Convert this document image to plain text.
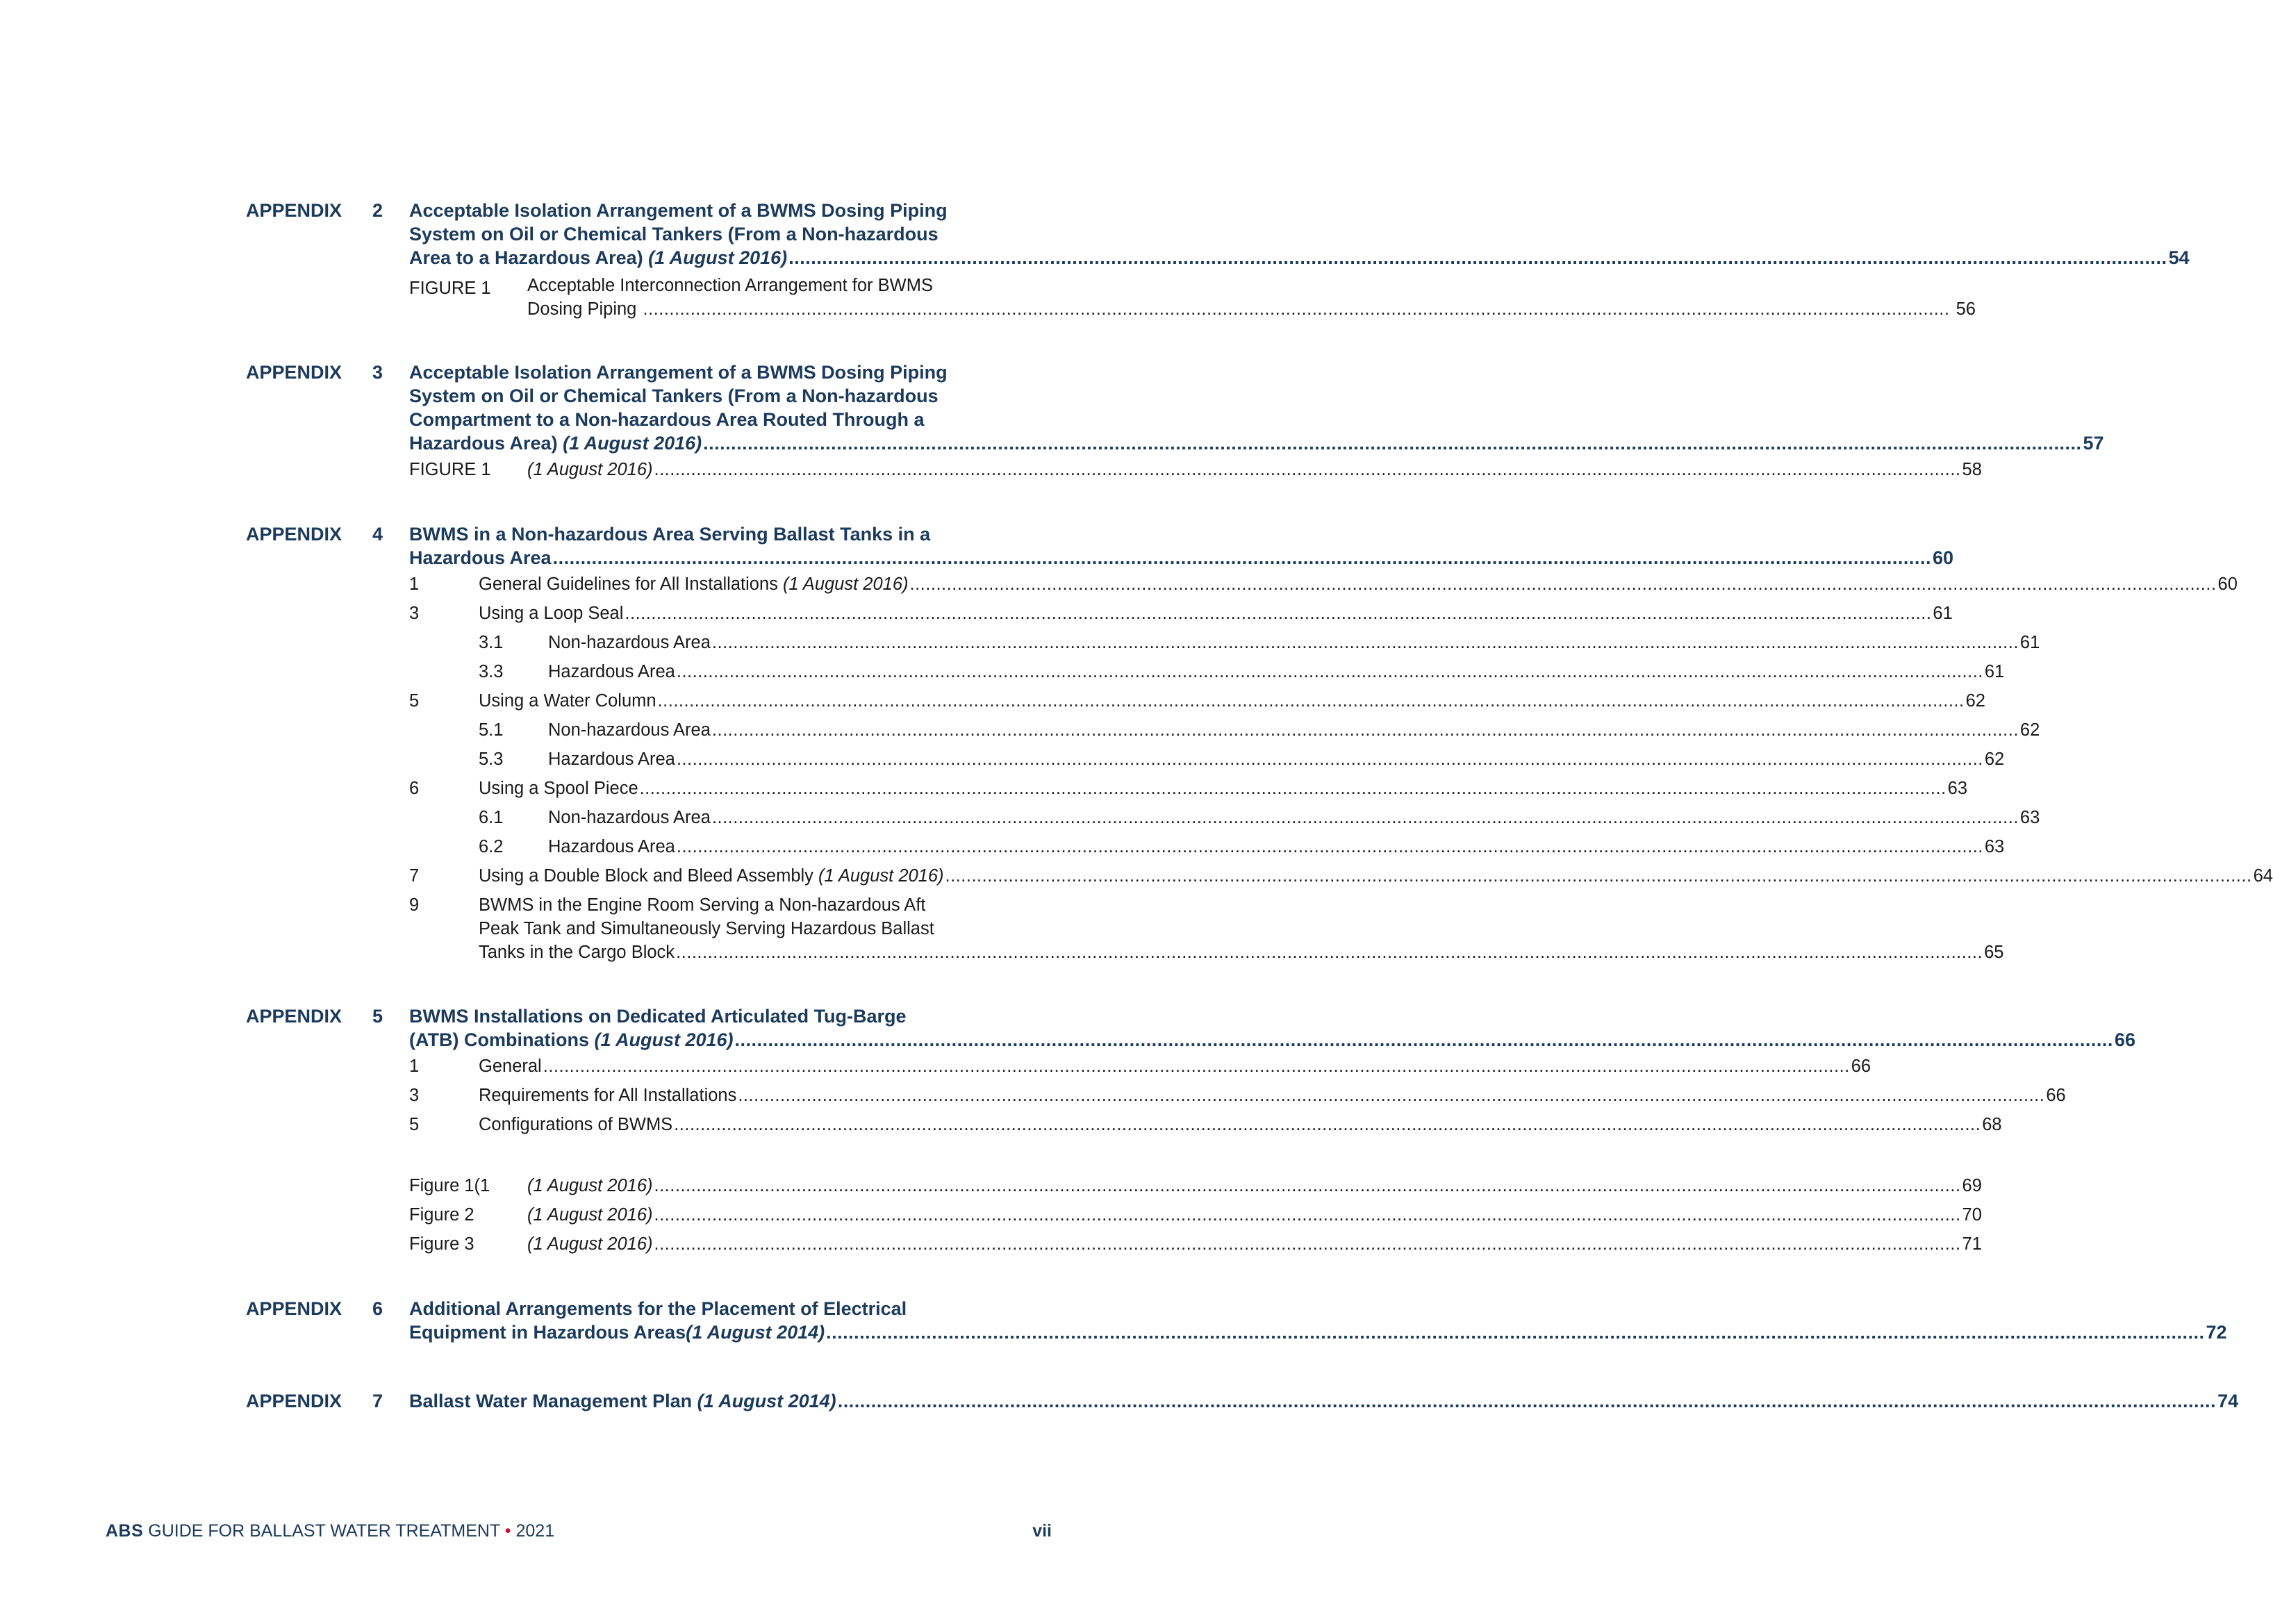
APPENDIX 2 Acceptable Isolation Arrangement of a BWMS Dosing Piping
System on Oil or Chemical Tankers (From a Non-hazardous
Area to a Hazardous Area)
(1 August 2016) .....	54
FIGURE 1 Acceptable Interconnection Arrangement for BWMS
Dosing Piping .....	56
APPENDIX 3 Acceptable Isolation Arrangement of a BWMS Dosing Piping
System on Oil or Chemical Tankers (From a Non-hazardous
Compartment to a Non-hazardous Area Routed Through a
Hazardous Area)
(1 August 2016) .....	57
FIGURE 1 (1 August 2016) .....	58
APPENDIX 4 BWMS in a Non-hazardous Area Serving Ballast Tanks in a
Hazardous Area .....	60
1	General Guidelines for All Installations
(1 August 2016) .....	60
3	Using a Loop Seal .....	61
3.1	Non-hazardous Area .....	61
3.3	Hazardous Area .....	61
5	Using a Water Column .....	62
5.1	Non-hazardous Area .....	62
5.3	Hazardous Area .....	62
6	Using a Spool Piece .....	63
6.1	Non-hazardous Area .....	63
6.2	Hazardous Area .....	63
7	Using a Double Block and Bleed Assembly
(1 August 2016) .....	64
9	BWMS in the Engine Room Serving a Non-hazardous Aft
Peak Tank and Simultaneously Serving Hazardous Ballast
Tanks in the Cargo Block .....	65
APPENDIX 5 BWMS Installations on Dedicated Articulated Tug-Barge
(ATB) Combinations
(1 August 2016) .....	66
1	General .....	66
3	Requirements for All Installations .....	66
5	Configurations of BWMS .....	68
Figure 1(1 (1 August 2016) .....	69
Figure 2	(1 August 2016) .....	70
Figure 3	(1 August 2016) .....	71
APPENDIX 6 Additional Arrangements for the Placement of Electrical
Equipment in Hazardous Areas (1 August 2014) .....	72
APPENDIX 7 Ballast Water Management Plan
(1 August 2014) .....	74
ABS GUIDE FOR BALLAST WATER TREATMENT • 2021	vii
